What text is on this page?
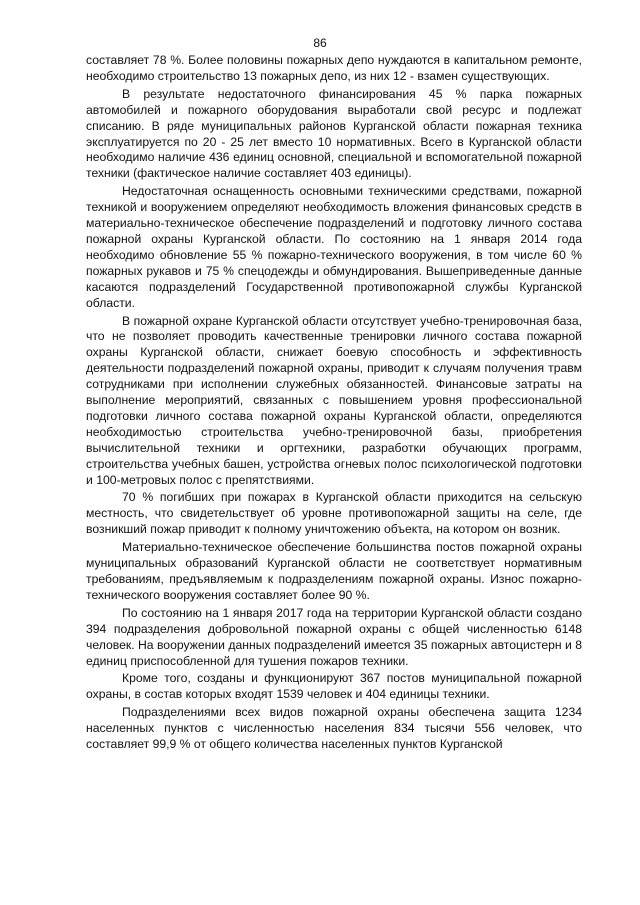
86

составляет 78 %. Более половины пожарных депо нуждаются в капитальном ремонте, необходимо строительство 13 пожарных депо, из них 12 - взамен существующих.

В результате недостаточного финансирования 45 % парка пожарных автомобилей и пожарного оборудования выработали свой ресурс и подлежат списанию. В ряде муниципальных районов Курганской области пожарная техника эксплуатируется по 20 - 25 лет вместо 10 нормативных. Всего в Курганской области необходимо наличие 436 единиц основной, специальной и вспомогательной пожарной техники (фактическое наличие составляет 403 единицы).

Недостаточная оснащенность основными техническими средствами, пожарной техникой и вооружением определяют необходимость вложения финансовых средств в материально-техническое обеспечение подразделений и подготовку личного состава пожарной охраны Курганской области. По состоянию на 1 января 2014 года необходимо обновление 55 % пожарно-технического вооружения, в том числе 60 % пожарных рукавов и 75 % спецодежды и обмундирования. Вышеприведенные данные касаются подразделений Государственной противопожарной службы Курганской области.

В пожарной охране Курганской области отсутствует учебно-тренировочная база, что не позволяет проводить качественные тренировки личного состава пожарной охраны Курганской области, снижает боевую способность и эффективность деятельности подразделений пожарной охраны, приводит к случаям получения травм сотрудниками при исполнении служебных обязанностей. Финансовые затраты на выполнение мероприятий, связанных с повышением уровня профессиональной подготовки личного состава пожарной охраны Курганской области, определяются необходимостью строительства учебно-тренировочной базы, приобретения вычислительной техники и оргтехники, разработки обучающих программ, строительства учебных башен, устройства огневых полос психологической подготовки и 100-метровых полос с препятствиями.

70 % погибших при пожарах в Курганской области приходится на сельскую местность, что свидетельствует об уровне противопожарной защиты на селе, где возникший пожар приводит к полному уничтожению объекта, на котором он возник.

Материально-техническое обеспечение большинства постов пожарной охраны муниципальных образований Курганской области не соответствует нормативным требованиям, предъявляемым к подразделениям пожарной охраны. Износ пожарно-технического вооружения составляет более 90 %.

По состоянию на 1 января 2017 года на территории Курганской области создано 394 подразделения добровольной пожарной охраны с общей численностью 6148 человек. На вооружении данных подразделений имеется 35 пожарных автоцистерн и 8 единиц приспособленной для тушения пожаров техники.

Кроме того, созданы и функционируют 367 постов муниципальной пожарной охраны, в состав которых входят 1539 человек и 404 единицы техники.

Подразделениями всех видов пожарной охраны обеспечена защита 1234 населенных пунктов с численностью населения 834 тысячи 556 человек, что составляет 99,9 % от общего количества населенных пунктов Курганской
